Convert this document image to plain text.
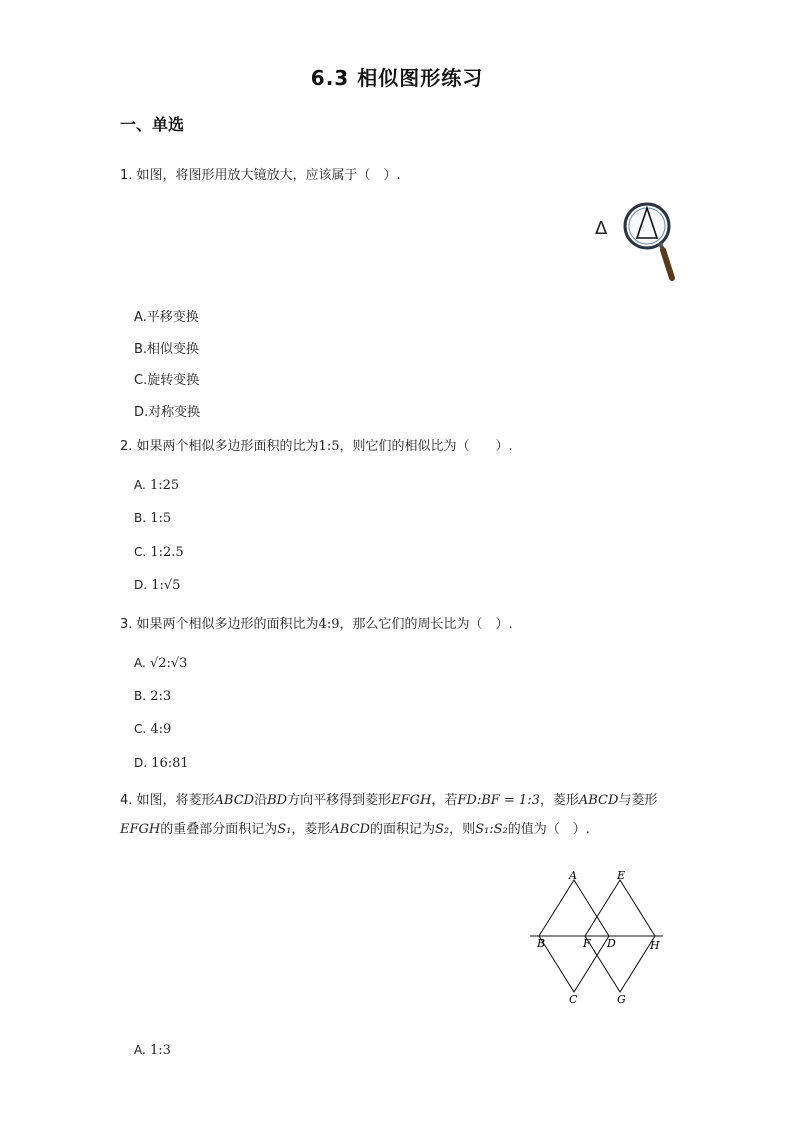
6.3 相似图形练习
一、单选
1. 如图，将图形用放大镜放大，应该属于（　）.
Δ
A.平移变换
B.相似变换
C.旋转变换
D.对称变换
2. 如果两个相似多边形面积的比为1:5，则它们的相似比为（　　）.
A. 1:25
B. 1:5
C. 1:2.5
D. 1:√5
3. 如果两个相似多边形的面积比为4:9，那么它们的周长比为（　）.
A. √2:√3
B. 2:3
C. 4:9
D. 16:81
4. 如图，将菱形ABCD沿BD方向平移得到菱形EFGH，若FD:BF = 1:3，菱形ABCD与菱形
EFGH的重叠部分面积记为S₁，菱形ABCD的面积记为S₂，则S₁:S₂的值为（　）.
A	E
B	F D	H
C	G
A. 1:3
